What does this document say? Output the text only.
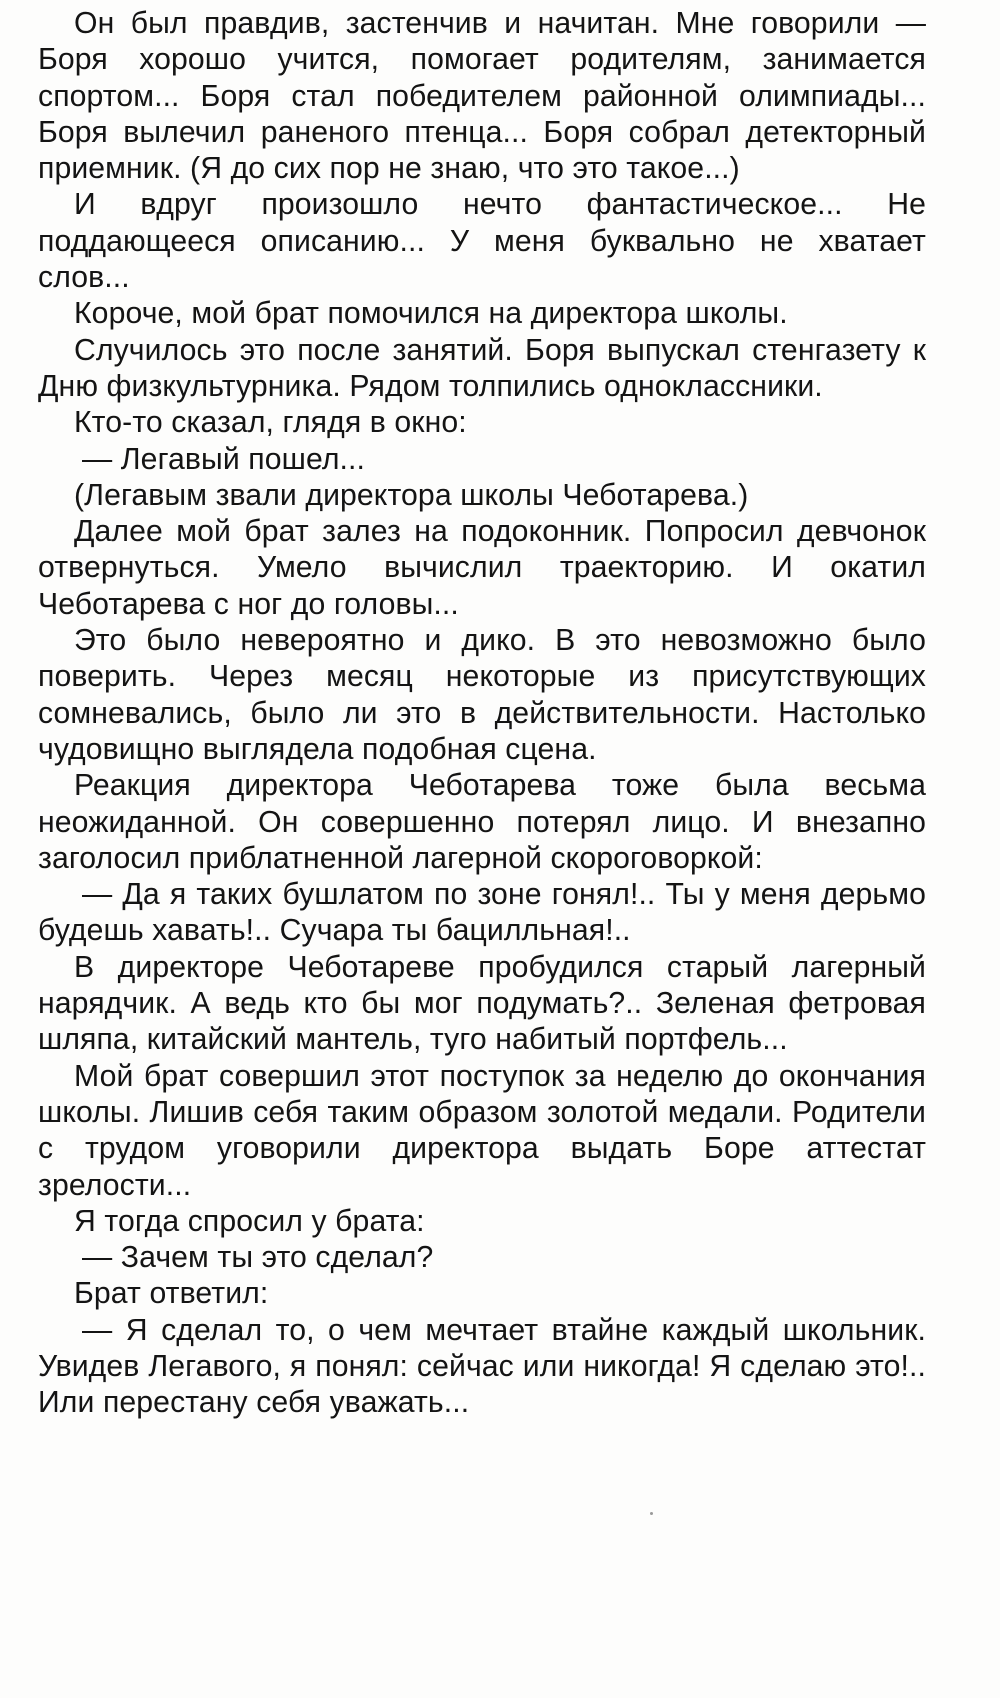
Он был правдив, застенчив и начитан. Мне говорили — Боря хорошо учится, помогает родителям, занимается спортом... Боря стал победителем районной олимпиады... Боря вылечил раненого птенца... Боря собрал детекторный приемник. (Я до сих пор не знаю, что это такое...)

И вдруг произошло нечто фантастическое... Не поддающееся описанию... У меня буквально не хватает слов...

Короче, мой брат помочился на директора школы.

Случилось это после занятий. Боря выпускал стенгазету к Дню физкультурника. Рядом толпились одноклассники.

Кто-то сказал, глядя в окно:

— Легавый пошел...

(Легавым звали директора школы Чеботарева.)

Далее мой брат залез на подоконник. Попросил девчонок отвернуться. Умело вычислил траекторию. И окатил Чеботарева с ног до головы...

Это было невероятно и дико. В это невозможно было поверить. Через месяц некоторые из присутствующих сомневались, было ли это в действительности. Настолько чудовищно выглядела подобная сцена.

Реакция директора Чеботарева тоже была весьма неожиданной. Он совершенно потерял лицо. И внезапно заголосил приблатненной лагерной скороговоркой:

— Да я таких бушлатом по зоне гонял!.. Ты у меня дерьмо будешь хавать!.. Сучара ты бацилльная!..

В директоре Чеботареве пробудился старый лагерный нарядчик. А ведь кто бы мог подумать?.. Зеленая фетровая шляпа, китайский мантель, туго набитый портфель...

Мой брат совершил этот поступок за неделю до окончания школы. Лишив себя таким образом золотой медали. Родители с трудом уговорили директора выдать Боре аттестат зрелости...

Я тогда спросил у брата:

— Зачем ты это сделал?

Брат ответил:

— Я сделал то, о чем мечтает втайне каждый школьник. Увидев Легавого, я понял: сейчас или никогда! Я сделаю это!.. Или перестану себя уважать...
